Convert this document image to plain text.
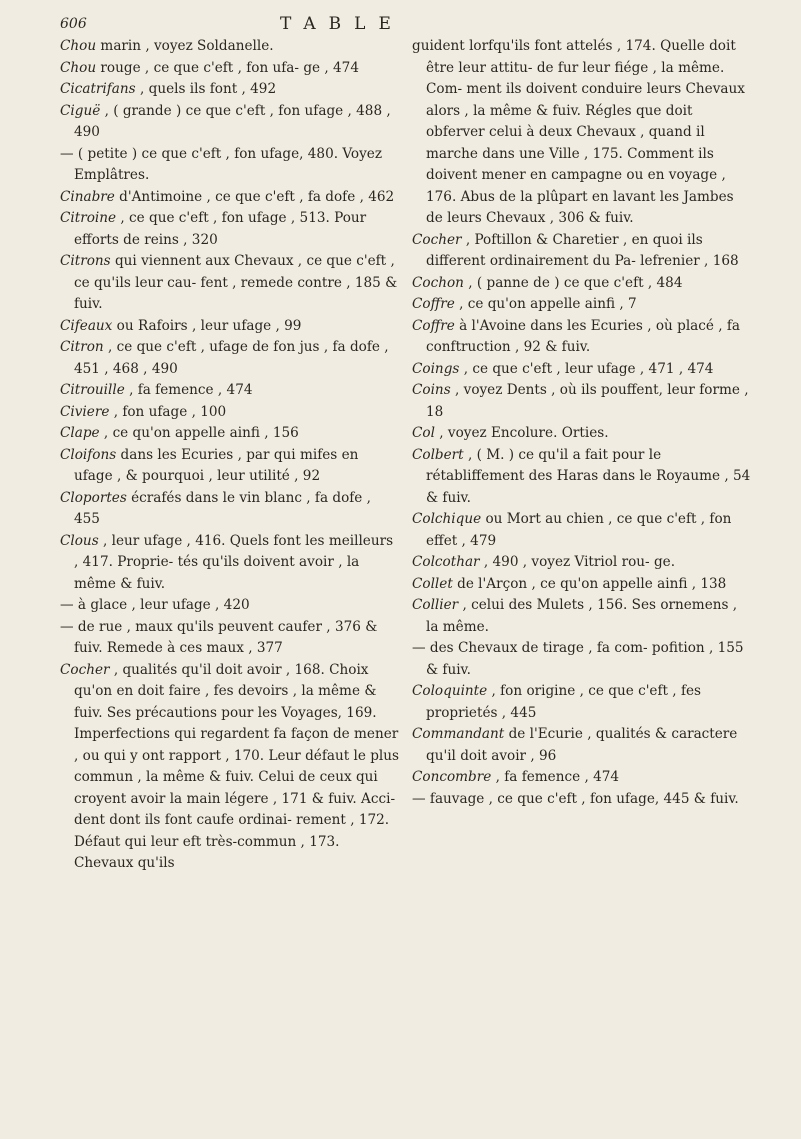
606	TABLE

Chou marin , voyez Soldanelle.

Chou rouge , ce que c'eft , fon ufa- ge , 474

Cicatrifans , quels ils font , 492

Ciguë , ( grande ) ce que c'eft , fon ufage , 488 , 490

— ( petite ) ce que c'eft , fon ufage, 480. Voyez Emplâtres.

Cinabre d'Antimoine , ce que c'eft , fa dofe , 462

Citroine , ce que c'eft , fon ufage , 513. Pour efforts de reins , 320

Citrons qui viennent aux Chevaux , ce que c'eft , ce qu'ils leur cau- fent , remede contre , 185 & fuiv.

Cifeaux ou Rafoirs , leur ufage , 99

Citron , ce que c'eft , ufage de fon jus , fa dofe , 451 , 468 , 490

Citrouille , fa femence , 474

Civiere , fon ufage , 100

Clape , ce qu'on appelle ainfi , 156

Cloifons dans les Ecuries , par qui mifes en ufage , & pourquoi , leur utilité , 92

Cloportes écrafés dans le vin blanc , fa dofe , 455

Clous , leur ufage , 416. Quels font les meilleurs , 417. Proprie- tés qu'ils doivent avoir , la même & fuiv.

— à glace , leur ufage , 420

— de rue , maux qu'ils peuvent caufer , 376 & fuiv. Remede à ces maux , 377

Cocher , qualités qu'il doit avoir , 168. Choix qu'on en doit faire , fes devoirs , la même & fuiv. Ses précautions pour les Voyages, 169. Imperfections qui regardent fa façon de mener , ou qui y ont rapport , 170. Leur défaut le plus commun , la même & fuiv. Celui de ceux qui croyent avoir la main légere , 171 & fuiv. Acci- dent dont ils font caufe ordinai- rement , 172. Défaut qui leur eft très-commun , 173. Chevaux qu'ils

guident lorfqu'ils font attelés , 174. Quelle doit être leur attitu- de fur leur fiége , la même. Com- ment ils doivent conduire leurs Chevaux alors , la même & fuiv. Régles que doit obferver celui à deux Chevaux , quand il marche dans une Ville , 175. Comment ils doivent mener en campagne ou en voyage , 176. Abus de la plûpart en lavant les Jambes de leurs Chevaux , 306 & fuiv.

Cocher , Poftillon & Charetier , en quoi ils different ordinairement du Pa- lefrenier , 168

Cochon , ( panne de ) ce que c'eft , 484

Coffre , ce qu'on appelle ainfi , 7

Coffre à l'Avoine dans les Ecuries , où placé , fa conftruction , 92 & fuiv.

Coings , ce que c'eft , leur ufage , 471 , 474

Coins , voyez Dents , où ils pouffent, leur forme , 18

Col , voyez Encolure. Orties.

Colbert , ( M. ) ce qu'il a fait pour le rétabliffement des Haras dans le Royaume , 54 & fuiv.

Colchique ou Mort au chien , ce que c'eft , fon effet , 479

Colcothar , 490 , voyez Vitriol rou- ge.

Collet de l'Arçon , ce qu'on appelle ainfi , 138

Collier , celui des Mulets , 156. Ses ornemens , la même.

— des Chevaux de tirage , fa com- pofition , 155 & fuiv.

Coloquinte , fon origine , ce que c'eft , fes proprietés , 445

Commandant de l'Ecurie , qualités & caractere qu'il doit avoir , 96

Concombre , fa femence , 474

— fauvage , ce que c'eft , fon ufage, 445 & fuiv.
